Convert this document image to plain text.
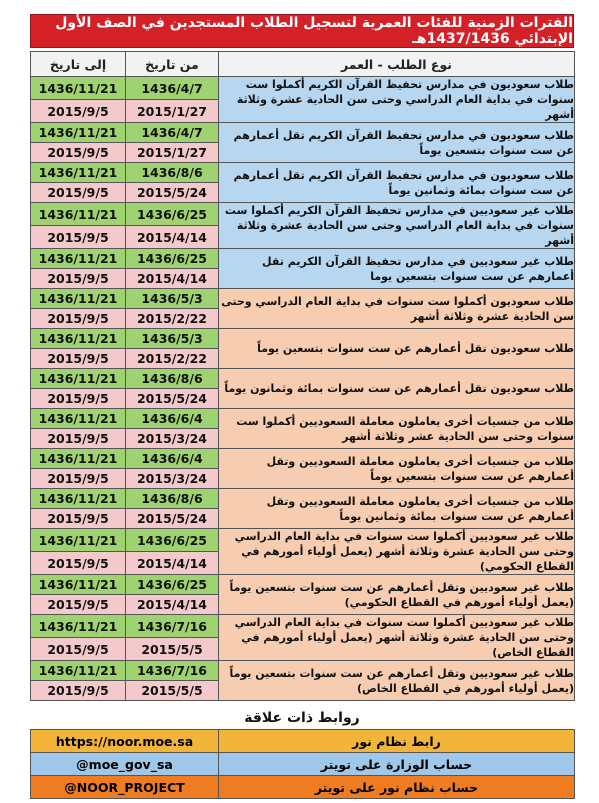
الفترات الزمنية للفئات العمرية لتسجيل الطلاب المستجدين في الصف الأول الإبتدائي 1437/1436هـ
إلى تاريخ	من تاريخ	نوع الطلب - العمر
1436/11/21	1436/4/7	طلاب سعوديون في مدارس تحفيظ القرآن الكريم أكملوا ست سنوات في بداية العام الدراسي وحتى سن الحادية عشرة وثلاثة أشهر
2015/9/5	2015/1/27	
1436/11/21	1436/4/7	طلاب سعوديون في مدارس تحفيظ القرآن الكريم تقل أعمارهم عن ست سنوات بتسعين يوماً
2015/9/5	2015/1/27	
1436/11/21	1436/8/6	طلاب سعوديون في مدارس تحفيظ القرآن الكريم تقل أعمارهم عن ست سنوات بمائة وثمانين يوماً
2015/9/5	2015/5/24	
1436/11/21	1436/6/25	طلاب غير سعوديين في مدارس تحفيظ القرآن الكريم أكملوا ست سنوات في بداية العام الدراسي وحتى سن الحادية عشرة وثلاثة أشهر
2015/9/5	2015/4/14	
1436/11/21	1436/6/25	طلاب غير سعوديين في مدارس تحفيظ القرآن الكريم تقل أعمارهم عن ست سنوات بتسعين يوما
2015/9/5	2015/4/14	
1436/11/21	1436/5/3	طلاب سعوديون أكملوا ست سنوات في بداية العام الدراسي وحتى سن الحادية عشرة وثلاثة أشهر
2015/9/5	2015/2/22	
1436/11/21	1436/5/3	طلاب سعوديون تقل أعمارهم عن ست سنوات بتسعين يوماً
2015/9/5	2015/2/22	
1436/11/21	1436/8/6	طلاب سعوديون تقل أعمارهم عن ست سنوات بمائة وثمانون يوماً
2015/9/5	2015/5/24	
1436/11/21	1436/6/4	طلاب من جنسيات أخرى يعاملون معاملة السعوديين أكملوا ست سنوات وحتى سن الحادية عشر وثلاثة أشهر
2015/9/5	2015/3/24	
1436/11/21	1436/6/4	طلاب من جنسيات أخرى يعاملون معاملة السعوديين وتقل أعمارهم عن ست سنوات بتسعين يوماً
2015/9/5	2015/3/24	
1436/11/21	1436/8/6	طلاب من جنسيات أخرى يعاملون معاملة السعوديين وتقل أعمارهم عن ست سنوات بمائة وثمانين يوماً
2015/9/5	2015/5/24	
1436/11/21	1436/6/25	طلاب غير سعوديين أكملوا ست سنوات في بداية العام الدراسي وحتى سن الحادية عشرة وثلاثة أشهر (يعمل أولياء أمورهم في القطاع الحكومي)
2015/9/5	2015/4/14	
1436/11/21	1436/6/25	طلاب غير سعوديين وتقل أعمارهم عن ست سنوات بتسعين يوماً (يعمل أولياء أمورهم في القطاع الحكومي)
2015/9/5	2015/4/14	
1436/11/21	1436/7/16	طلاب غير سعوديين أكملوا ست سنوات في بداية العام الدراسي وحتى سن الحادية عشرة وثلاثة أشهر (يعمل أولياء أمورهم في القطاع الخاص)
2015/9/5	2015/5/5	
1436/11/21	1436/7/16	طلاب غير سعوديين وتقل أعمارهم عن ست سنوات بتسعين يوماً (يعمل أولياء أمورهم في القطاع الخاص)
2015/9/5	2015/5/5	
روابط ذات علاقة
https://noor.moe.sa	رابط نظام نور
@moe_gov_sa	حساب الوزارة على تويتر
@NOOR_PROJECT	حساب نظام نور على تويتر
